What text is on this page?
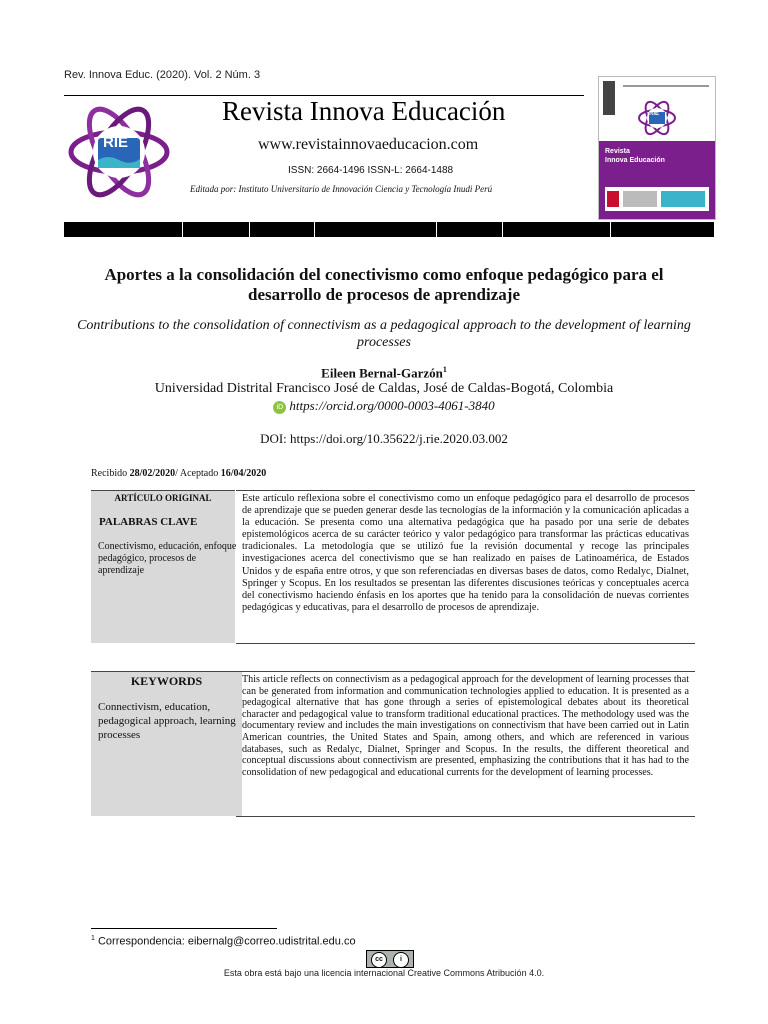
Rev. Innova Educ. (2020). Vol. 2 Núm. 3
RIE
Revista Innova Educación
www.revistainnovaeducacion.com
ISSN: 2664-1496 ISSN-L: 2664-1488
Editada por: Instituto Universitario de Innovación Ciencia y Tecnología Inudi Perú
RIE
Revista
Innova Educación
Aportes a la consolidación del conectivismo como enfoque pedagógico para el desarrollo de procesos de aprendizaje
Contributions to the consolidation of connectivism as a pedagogical approach to the development of learning processes
Eileen Bernal-Garzón$^1$
Universidad Distrital Francisco José de Caldas, José de Caldas-Bogotá, Colombia
iD https://orcid.org/0000-0003-4061-3840
DOI: https://doi.org/10.35622/j.rie.2020.03.002
Recibido 28/02/2020/ Aceptado 16/04/2020
ARTÍCULO ORIGINAL
PALABRAS CLAVE
Conectivismo, educación, enfoque pedagógico, procesos de aprendizaje
Este artículo reflexiona sobre el conectivismo como un enfoque pedagógico para el desarrollo de procesos de aprendizaje que se pueden generar desde las tecnologías de la información y la comunicación aplicadas a la educación. Se presenta como una alternativa pedagógica que ha pasado por una serie de debates epistemológicos acerca de su carácter teórico y valor pedagógico para transformar las prácticas educativas tradicionales. La metodología que se utilizó fue la revisión documental y recoge las principales investigaciones acerca del conectivismo que se han realizado en países de Latinoamérica, de Estados Unidos y de españa entre otros, y que son referenciadas en diversas bases de datos, como Redalyc, Dialnet, Springer y Scopus. En los resultados se presentan las diferentes discusiones teóricas y conceptuales acerca del conectivismo haciendo énfasis en los aportes que ha tenido para la consolidación de nuevas corrientes pedagógicas y educativas, para el desarrollo de procesos de aprendizaje.
KEYWORDS
Connectivism, education, pedagogical approach, learning processes
This article reflects on connectivism as a pedagogical approach for the development of learning processes that can be generated from information and communication technologies applied to education. It is presented as a pedagogical alternative that has gone through a series of epistemological debates about its theoretical character and pedagogical value to transform traditional educational practices. The methodology used was the documentary review and includes the main investigations on connectivism that have been carried out in Latin American countries, the United States and Spain, among others, and which are referenced in various databases, such as Redalyc, Dialnet, Springer and Scopus. In the results, the different theoretical and conceptual discussions about connectivism are presented, emphasizing the contributions that it has had to the consolidation of new pedagogical and educational currents for the development of learning processes.
$^1$ Correspondencia: eibernalg@correo.udistrital.edu.co
cc	i
Esta obra está bajo una licencia internacional Creative Commons Atribución 4.0.
